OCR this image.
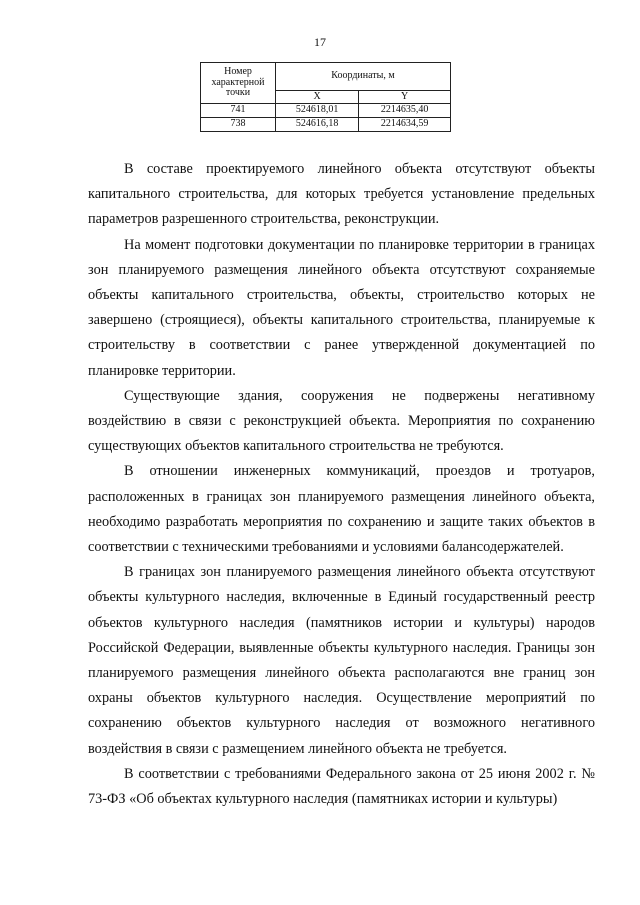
17
Номер характерной точки	Координаты, м	
	X	Y
741	524618,01	2214635,40
738	524616,18	2214634,59

В составе проектируемого линейного объекта отсутствуют объекты капитального строительства, для которых требуется установление предельных параметров разрешенного строительства, реконструкции.

На момент подготовки документации по планировке территории в границах зон планируемого размещения линейного объекта отсутствуют сохраняемые объекты капитального строительства, объекты, строительство которых не завершено (строящиеся), объекты капитального строительства, планируемые к строительству в соответствии с ранее утвержденной документацией по планировке территории.

Существующие здания, сооружения не подвержены негативному воздействию в связи с реконструкцией объекта. Мероприятия по сохранению существующих объектов капитального строительства не требуются.

В отношении инженерных коммуникаций, проездов и тротуаров, расположенных в границах зон планируемого размещения линейного объекта, необходимо разработать мероприятия по сохранению и защите таких объектов в соответствии с техническими требованиями и условиями балансодержателей.

В границах зон планируемого размещения линейного объекта отсутствуют объекты культурного наследия, включенные в Единый государственный реестр объектов культурного наследия (памятников истории и культуры) народов Российской Федерации, выявленные объекты культурного наследия. Границы зон планируемого размещения линейного объекта располагаются вне границ зон охраны объектов культурного наследия. Осуществление мероприятий по сохранению объектов культурного наследия от возможного негативного воздействия в связи с размещением линейного объекта не требуется.

В соответствии с требованиями Федерального закона от 25 июня 2002 г. № 73-ФЗ «Об объектах культурного наследия (памятниках истории и культуры)
